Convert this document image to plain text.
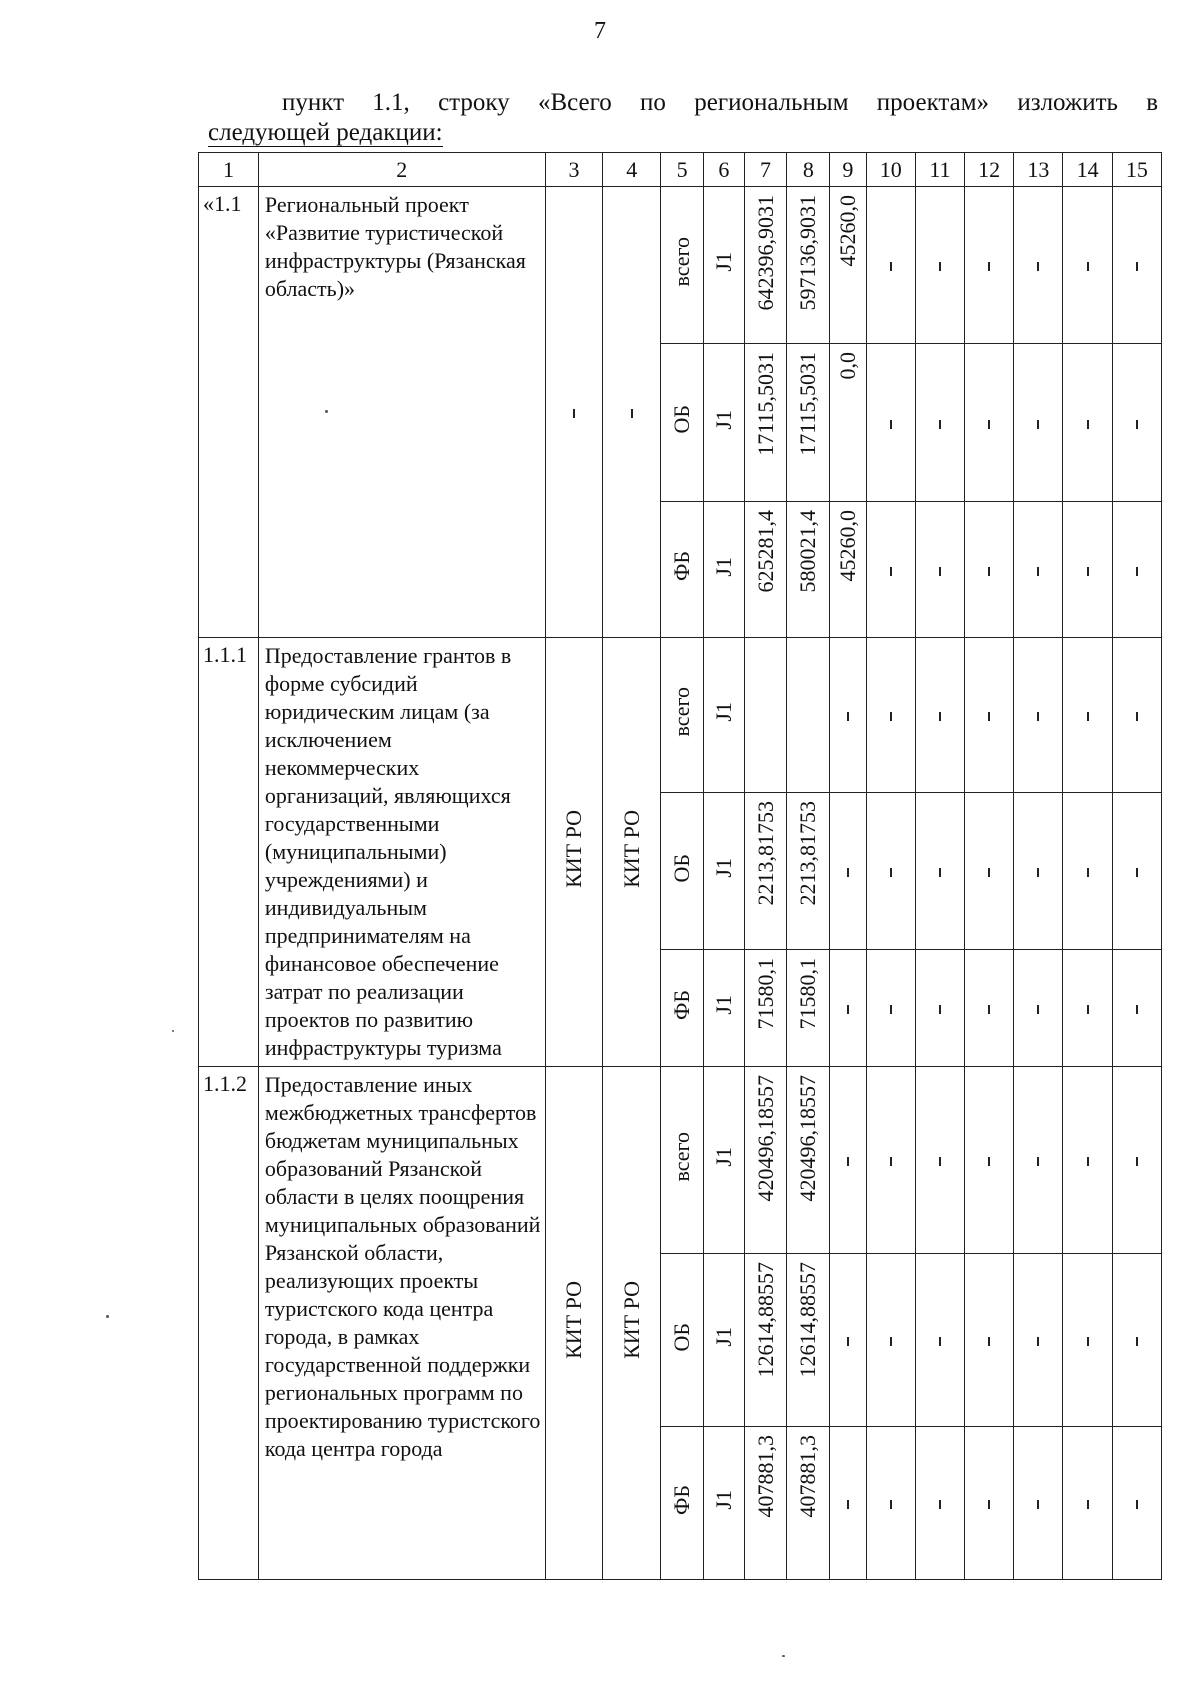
7
пункт 1.1, строку «Всего по региональным проектам» изложить в
следующей редакции:
1	2	3	4	5	6	7	8	9	10	11	12	13	14	15
«1.1	Региональный проект «Развитие туристической инфраструктуры (Рязанская область)»			всего	J1	642396,9031	597136,9031	45260,0						
				ОБ	J1	17115,5031	17115,5031	0,0						
				ФБ	J1	625281,4	580021,4	45260,0						
1.1.1	Предоставление грантов в форме субсидий юридическим лицам (за исключением некоммерческих организаций, являющихся государственными (муниципальными) учреждениями) и индивидуальным предпринимателям на финансовое обеспечение затрат по реализации проектов по развитию инфраструктуры туризма	КИТ РО	КИТ РО	всего	J1									
				ОБ	J1	2213,81753	2213,81753							
				ФБ	J1	71580,1	71580,1							
1.1.2	Предоставление иных межбюджетных трансфертов бюджетам муниципальных образований Рязанской области в целях поощрения муниципальных образований Рязанской области, реализующих проекты туристского кода центра города, в рамках государственной поддержки региональных программ по проектированию туристского кода центра города	КИТ РО	КИТ РО	всего	J1	420496,18557	420496,18557							
				ОБ	J1	12614,88557	12614,88557							
				ФБ	J1	407881,3	407881,3							
